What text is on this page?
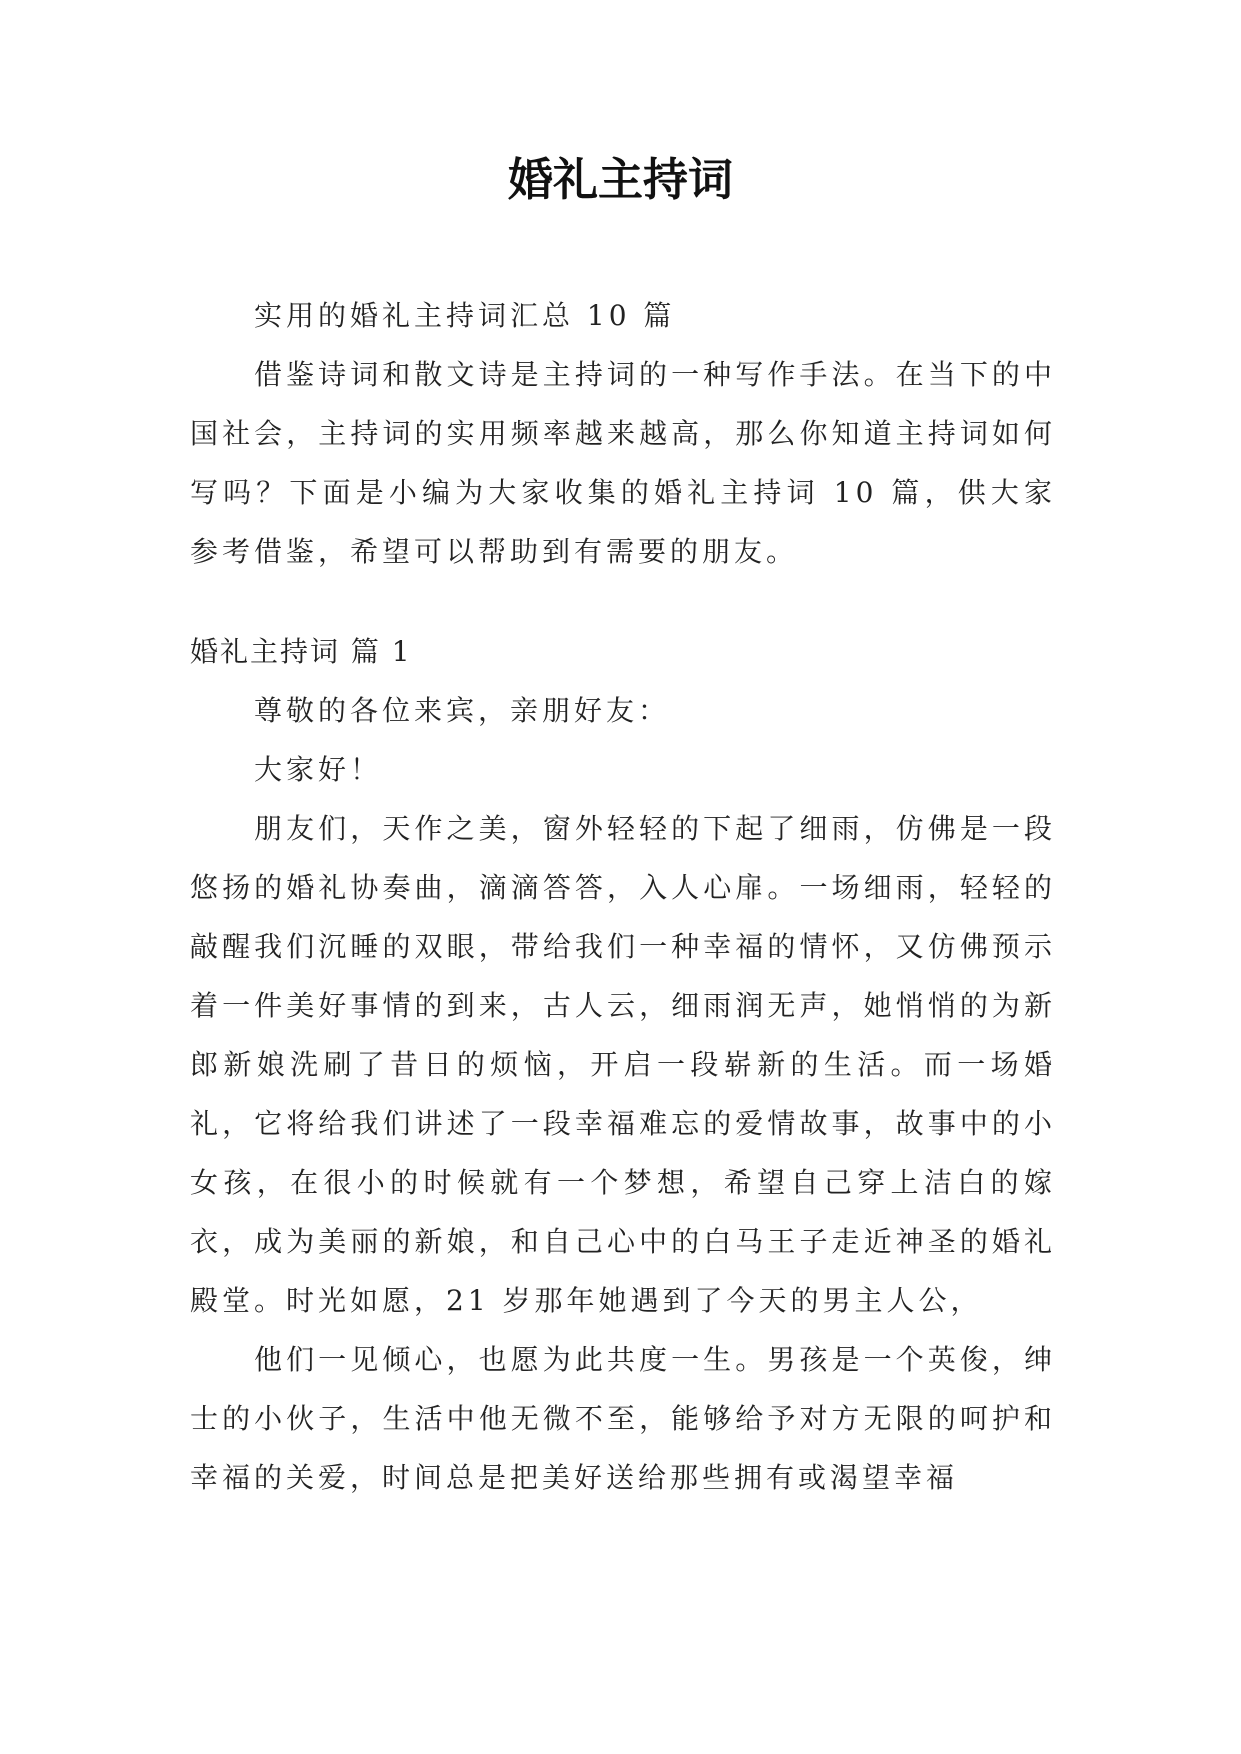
婚礼主持词

实用的婚礼主持词汇总 10 篇

借鉴诗词和散文诗是主持词的一种写作手法。在当下的中国社会，主持词的实用频率越来越高，那么你知道主持词如何写吗？下面是小编为大家收集的婚礼主持词 10 篇，供大家参考借鉴，希望可以帮助到有需要的朋友。

婚礼主持词 篇 1

尊敬的各位来宾，亲朋好友：

大家好！

朋友们，天作之美，窗外轻轻的下起了细雨，仿佛是一段悠扬的婚礼协奏曲，滴滴答答，入人心扉。一场细雨，轻轻的敲醒我们沉睡的双眼，带给我们一种幸福的情怀，又仿佛预示着一件美好事情的到来，古人云，细雨润无声，她悄悄的为新郎新娘洗刷了昔日的烦恼，开启一段崭新的生活。而一场婚礼，它将给我们讲述了一段幸福难忘的爱情故事，故事中的小女孩，在很小的时候就有一个梦想，希望自己穿上洁白的嫁衣，成为美丽的新娘，和自己心中的白马王子走近神圣的婚礼殿堂。时光如愿，21 岁那年她遇到了今天的男主人公，

他们一见倾心，也愿为此共度一生。男孩是一个英俊，绅士的小伙子，生活中他无微不至，能够给予对方无限的呵护和幸福的关爱，时间总是把美好送给那些拥有或渴望幸福
